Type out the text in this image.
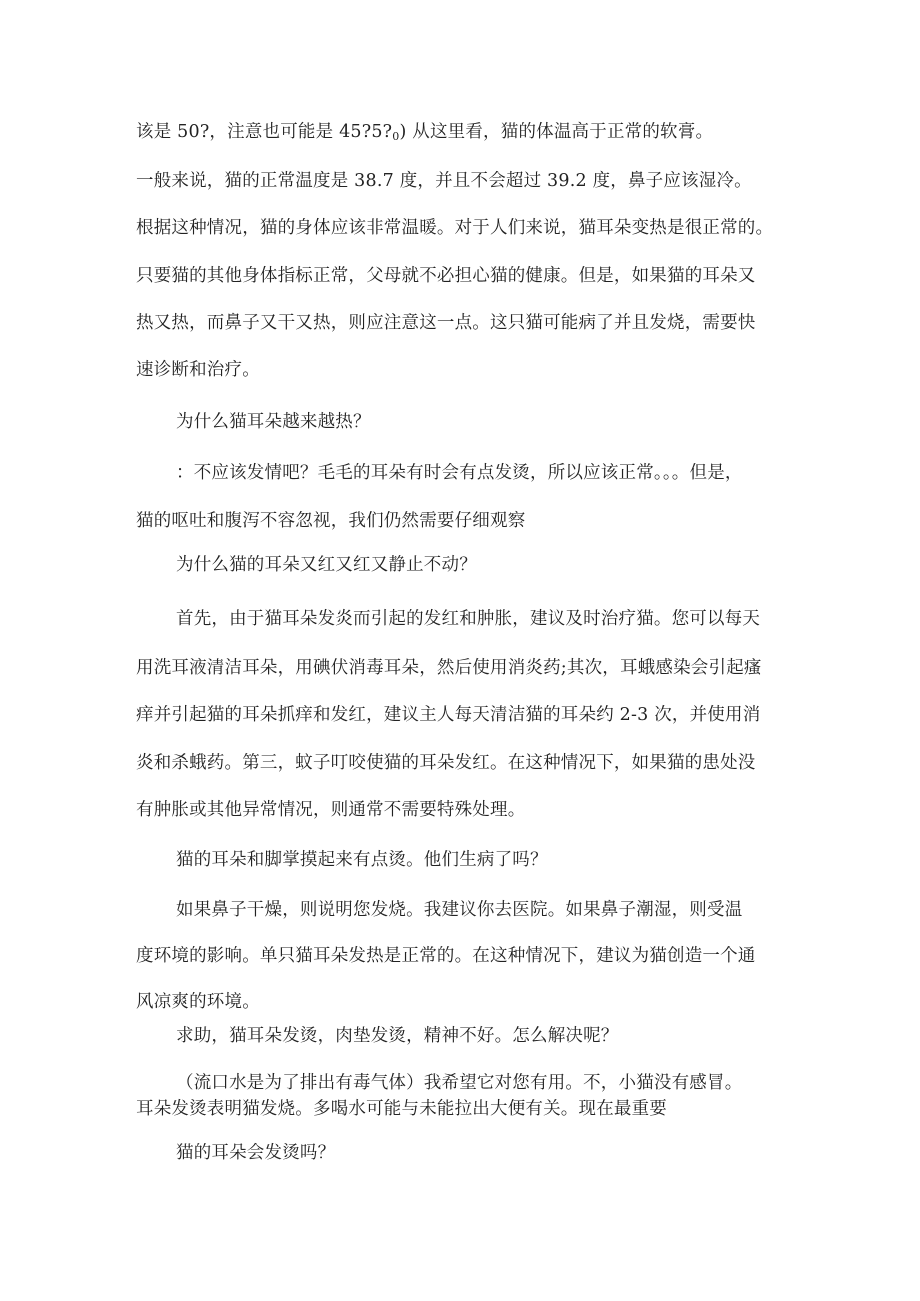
该是 50?，注意也可能是 $45?5?_0$) 从这里看，猫的体温高于正常的软膏。
一般来说，猫的正常温度是 38.7 度，并且不会超过 39.2 度，鼻子应该湿冷。
根据这种情况，猫的身体应该非常温暖。对于人们来说，猫耳朵变热是很正常的。
只要猫的其他身体指标正常，父母就不必担心猫的健康。但是，如果猫的耳朵又
热又热，而鼻子又干又热，则应注意这一点。这只猫可能病了并且发烧，需要快
速诊断和治疗。
为什么猫耳朵越来越热？
：不应该发情吧？毛毛的耳朵有时会有点发烫，所以应该正常。。。但是，
猫的呕吐和腹泻不容忽视，我们仍然需要仔细观察
为什么猫的耳朵又红又红又静止不动？
首先，由于猫耳朵发炎而引起的发红和肿胀，建议及时治疗猫。您可以每天
用洗耳液清洁耳朵，用碘伏消毒耳朵，然后使用消炎药;其次，耳蛾感染会引起瘙
痒并引起猫的耳朵抓痒和发红，建议主人每天清洁猫的耳朵约 2-3 次，并使用消
炎和杀蛾药。第三，蚊子叮咬使猫的耳朵发红。在这种情况下，如果猫的患处没
有肿胀或其他异常情况，则通常不需要特殊处理。
猫的耳朵和脚掌摸起来有点烫。他们生病了吗？
如果鼻子干燥，则说明您发烧。我建议你去医院。如果鼻子潮湿，则受温
度环境的影响。单只猫耳朵发热是正常的。在这种情况下，建议为猫创造一个通
风凉爽的环境。
求助，猫耳朵发烫，肉垫发烫，精神不好。怎么解决呢？
（流口水是为了排出有毒气体）我希望它对您有用。不，小猫没有感冒。
耳朵发烫表明猫发烧。多喝水可能与未能拉出大便有关。现在最重要
猫的耳朵会发烫吗？
